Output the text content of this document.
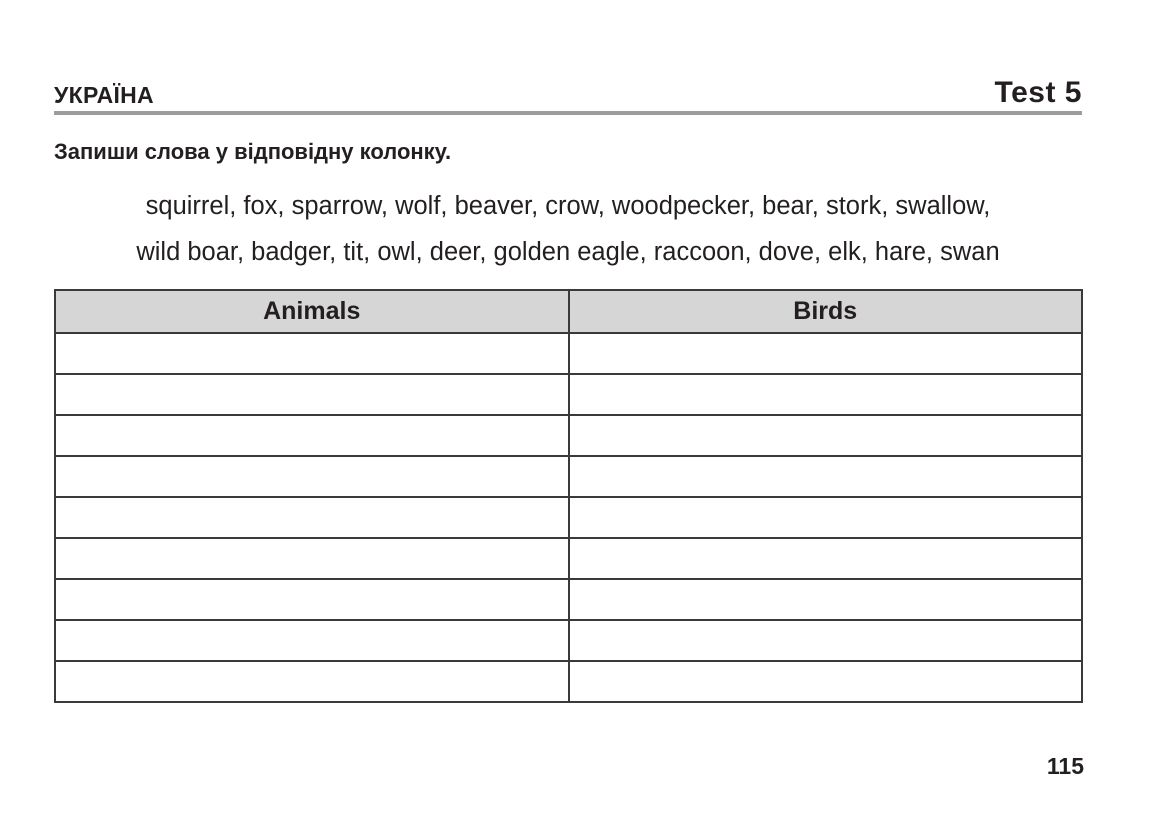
УКРАЇНА	Test 5
Запиши слова у відповідну колонку.
squirrel, fox, sparrow, wolf, beaver, crow, woodpecker, bear, stork, swallow,
wild boar, badger, tit, owl, deer, golden eagle, raccoon, dove, elk, hare, swan
Animals	Birds

115
